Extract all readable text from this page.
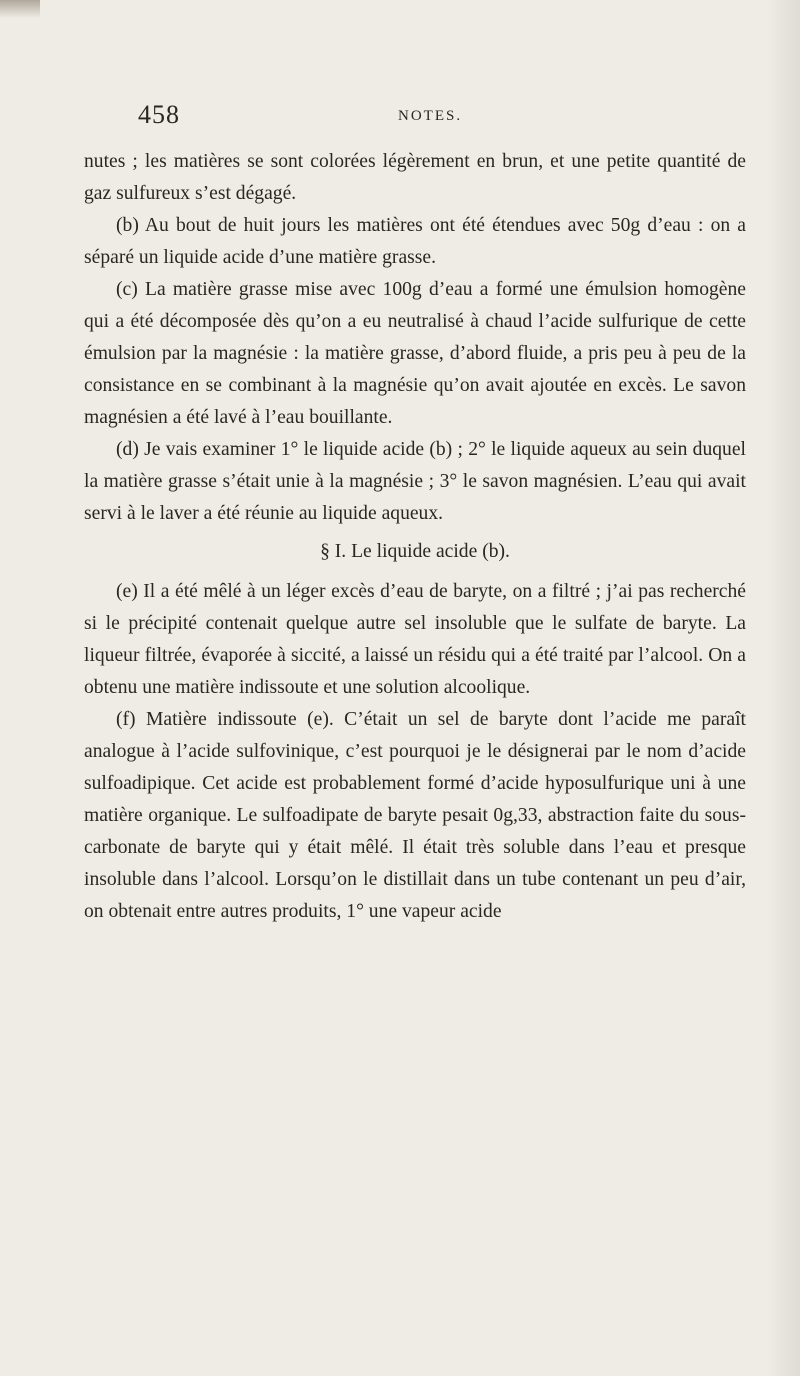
458	NOTES.

nutes ; les matières se sont colorées légèrement en brun, et une petite quantité de gaz sulfureux s’est dégagé.

(b) Au bout de huit jours les matières ont été étendues avec 50g d’eau : on a séparé un liquide acide d’une matière grasse.

(c) La matière grasse mise avec 100g d’eau a formé une émulsion homogène qui a été décomposée dès qu’on a eu neutralisé à chaud l’acide sulfurique de cette émulsion par la magnésie : la matière grasse, d’abord fluide, a pris peu à peu de la consistance en se combinant à la magnésie qu’on avait ajoutée en excès. Le savon magnésien a été lavé à l’eau bouillante.

(d) Je vais examiner 1° le liquide acide (b) ; 2° le liquide aqueux au sein duquel la matière grasse s’était unie à la magnésie ; 3° le savon magnésien. L’eau qui avait servi à le laver a été réunie au liquide aqueux.

§ I. Le liquide acide (b).

(e) Il a été mêlé à un léger excès d’eau de baryte, on a filtré ; j’ai pas recherché si le précipité contenait quelque autre sel insoluble que le sulfate de baryte. La liqueur filtrée, évaporée à siccité, a laissé un résidu qui a été traité par l’alcool. On a obtenu une matière indissoute et une solution alcoolique.

(f) Matière indissoute (e). C’était un sel de baryte dont l’acide me paraît analogue à l’acide sulfovinique, c’est pourquoi je le désignerai par le nom d’acide sulfoadipique. Cet acide est probablement formé d’acide hyposulfurique uni à une matière organique. Le sulfoadipate de baryte pesait 0g,33, abstraction faite du sous-carbonate de baryte qui y était mêlé. Il était très soluble dans l’eau et presque insoluble dans l’alcool. Lorsqu’on le distillait dans un tube contenant un peu d’air, on obtenait entre autres produits, 1° une vapeur acide
